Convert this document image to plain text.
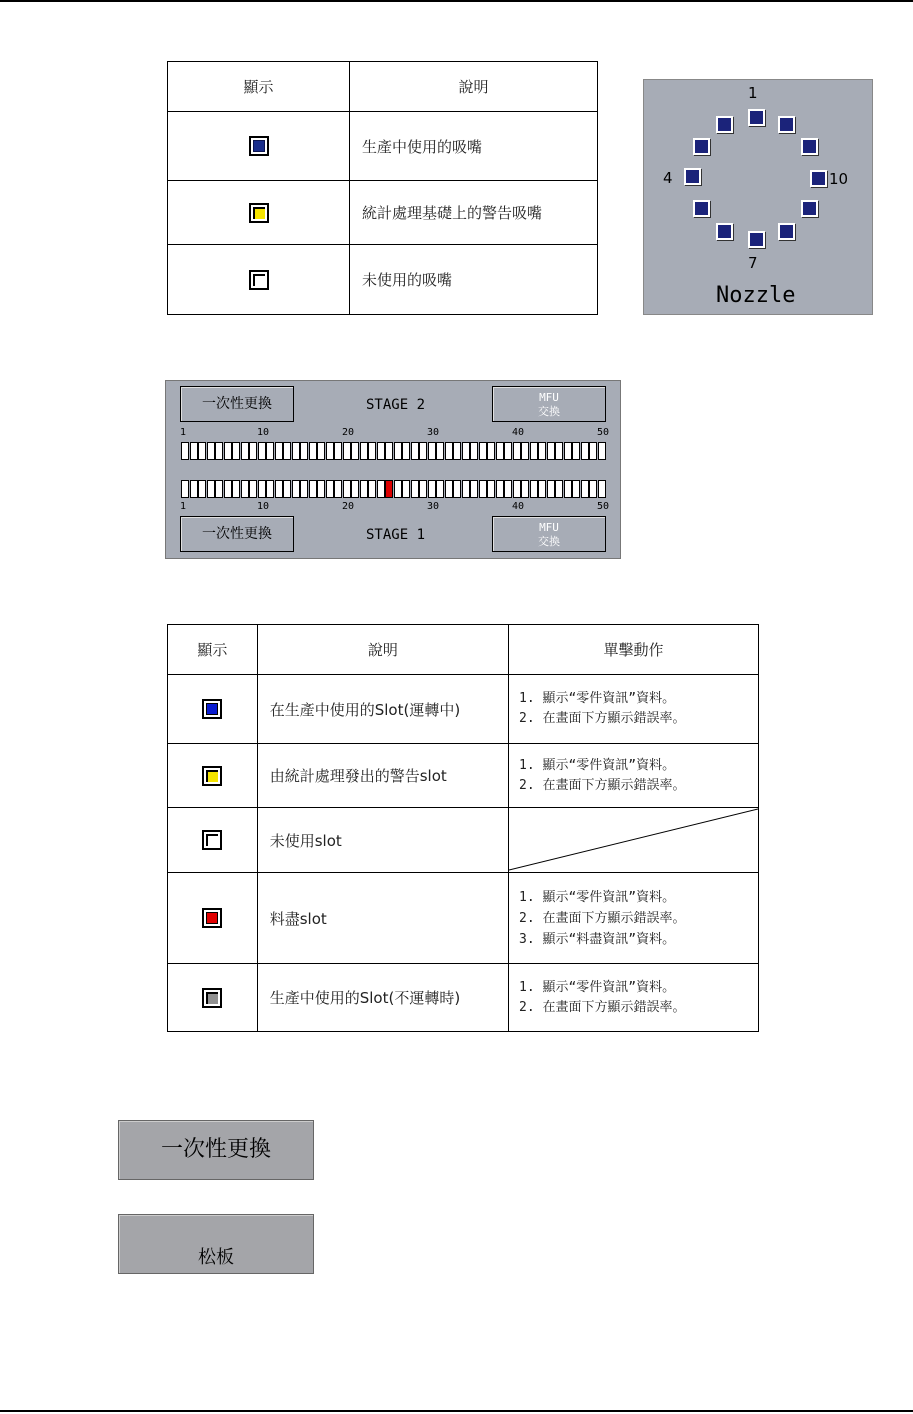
顯示	說明

	生產中使用的吸嘴

	統計處理基礎上的警告吸嘴

	未使用的吸嘴
1
4
7
10
Nozzle
一次性更換	STAGE 2	MFU
交換
1	10	20	30	40	50
1	10	20	30	40	50
一次性更換	STAGE 1	MFU
交換
顯示	說明	單擊動作

	在生產中使用的Slot(運轉中)	1. 顯示“零件資訊”資料。
2. 在畫面下方顯示錯誤率。

	由統計處理發出的警告slot	1. 顯示“零件資訊”資料。
2. 在畫面下方顯示錯誤率。

	未使用slot	

	料盡slot	1. 顯示“零件資訊”資料。
2. 在畫面下方顯示錯誤率。
3. 顯示“料盡資訊”資料。

	生產中使用的Slot(不運轉時)	1. 顯示“零件資訊”資料。
2. 在畫面下方顯示錯誤率。
一次性更換
松板
